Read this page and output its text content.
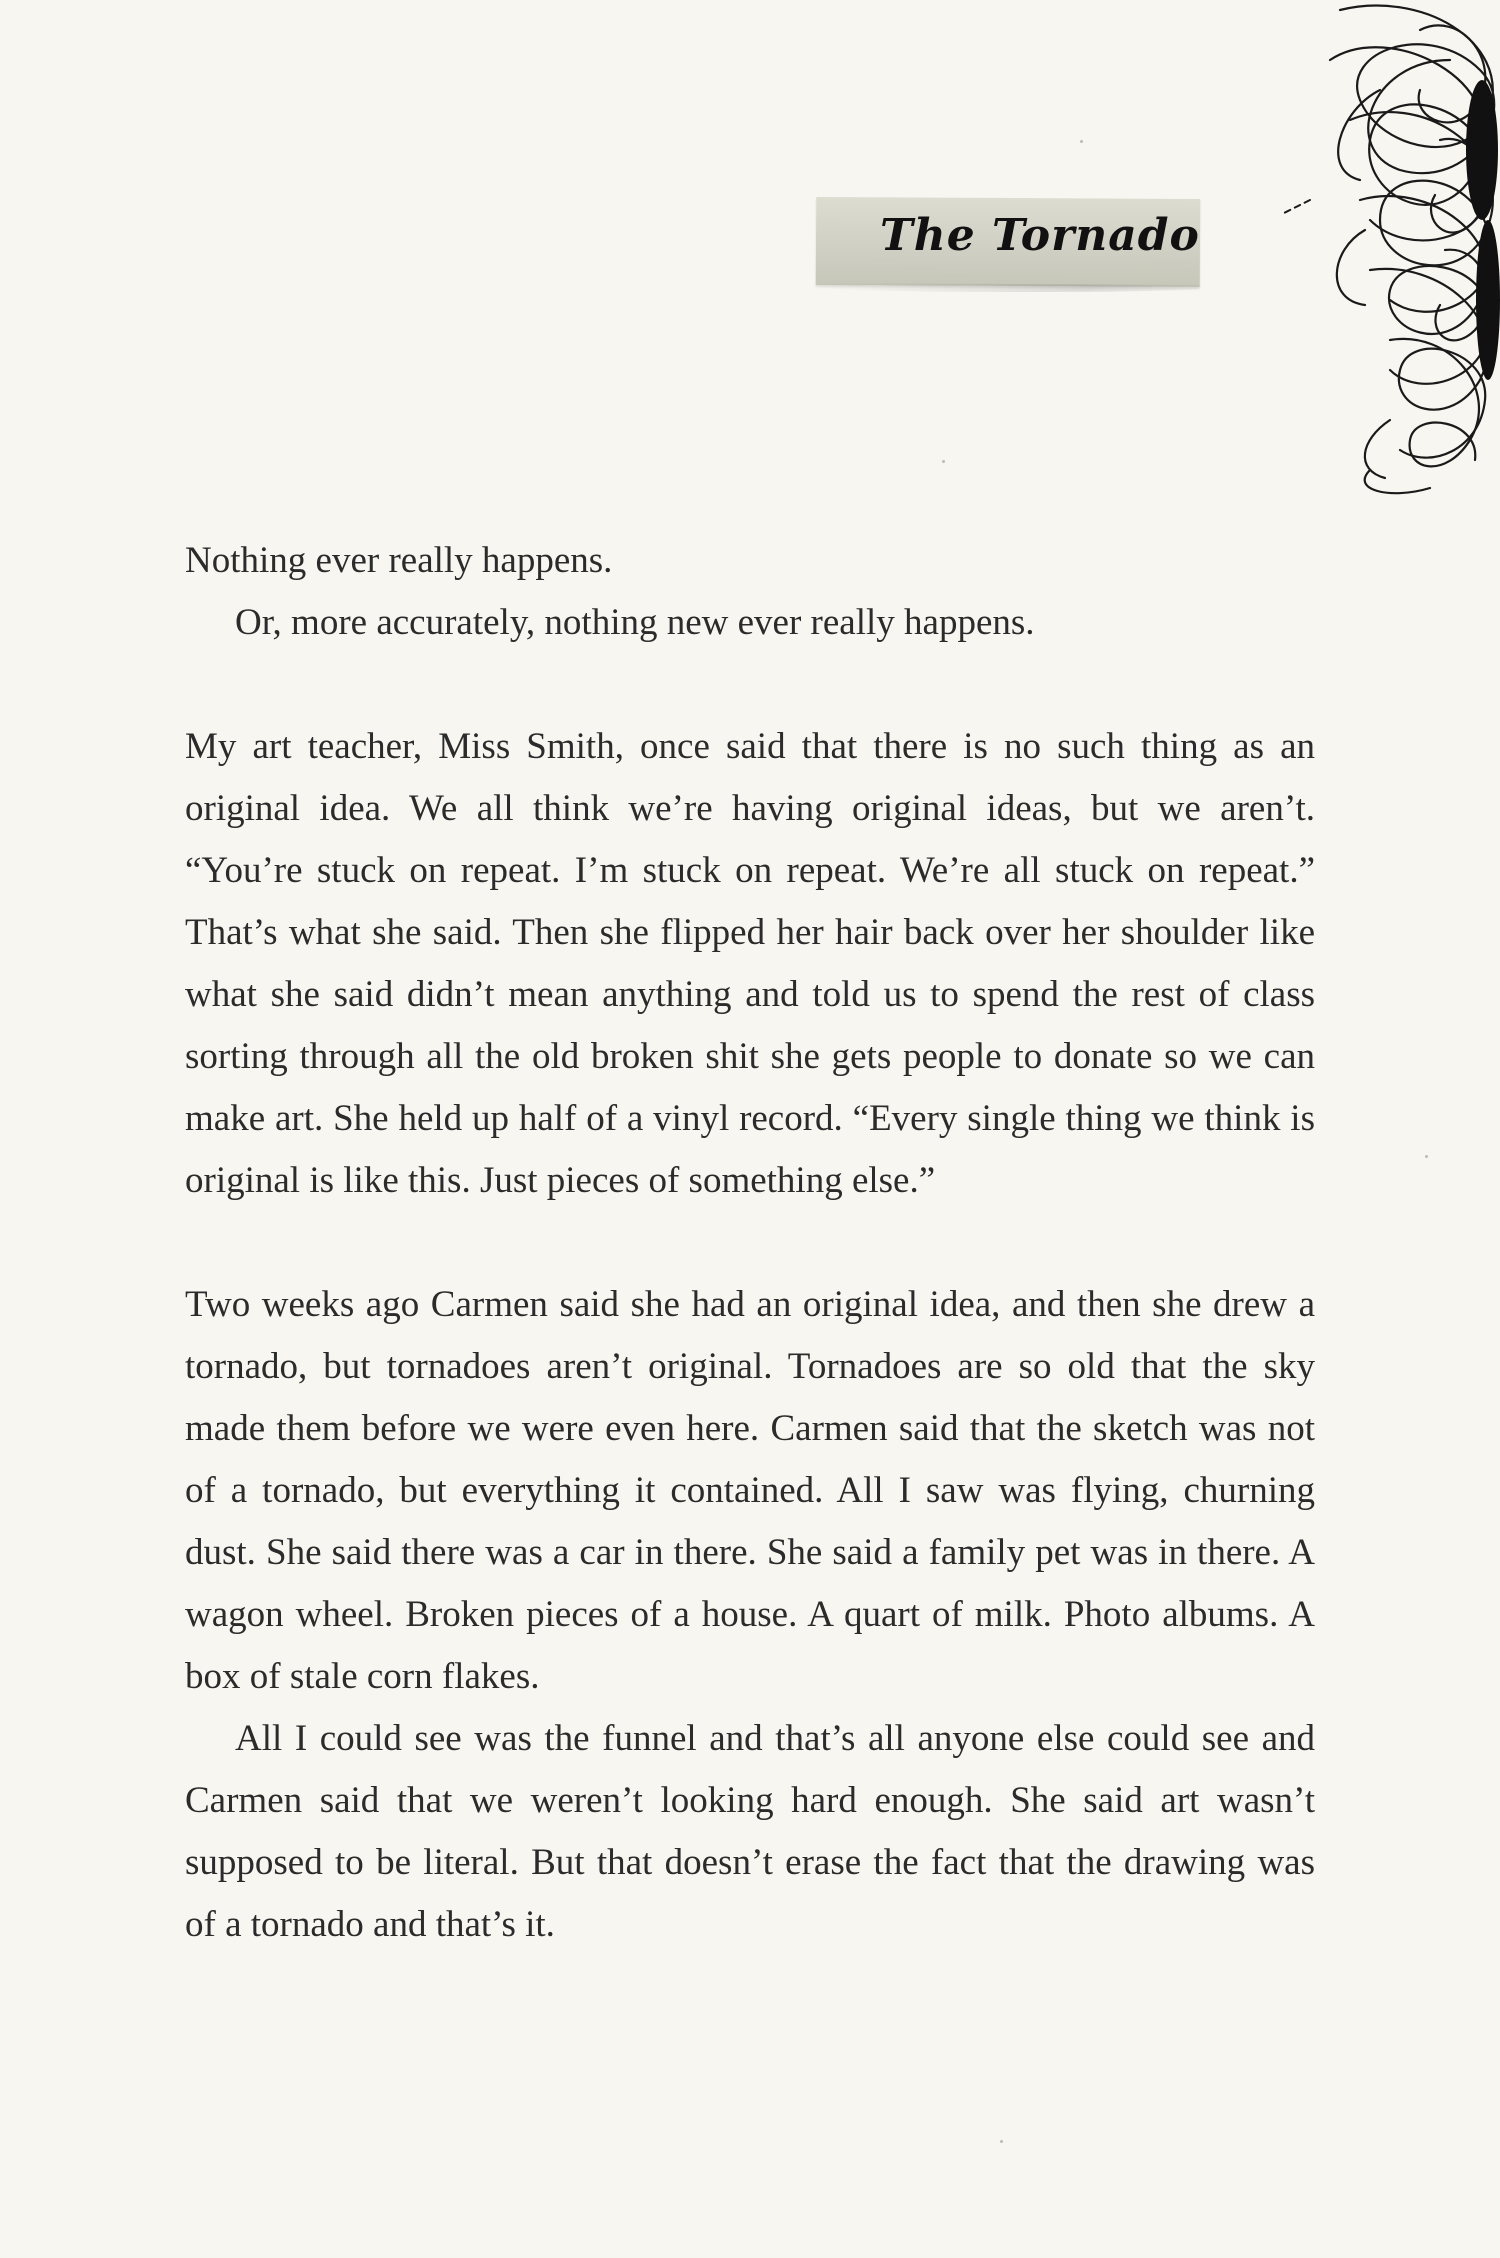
The Tornado

Nothing ever really happens.

Or, more accurately, nothing new ever really happens.

My art teacher, Miss Smith, once said that there is no such thing as an original idea. We all think we’re having original ideas, but we aren’t. “You’re stuck on repeat. I’m stuck on repeat. We’re all stuck on repeat.” That’s what she said. Then she flipped her hair back over her shoulder like what she said didn’t mean anything and told us to spend the rest of class sorting through all the old broken shit she gets people to donate so we can make art. She held up half of a vinyl record. “Every single thing we think is original is like this. Just pieces of something else.”

Two weeks ago Carmen said she had an original idea, and then she drew a tornado, but tornadoes aren’t original. Tornadoes are so old that the sky made them before we were even here. Carmen said that the sketch was not of a tornado, but everything it contained. All I saw was flying, churning dust. She said there was a car in there. She said a family pet was in there. A wagon wheel. Broken pieces of a house. A quart of milk. Photo albums. A box of stale corn flakes.

All I could see was the funnel and that’s all anyone else could see and Carmen said that we weren’t looking hard enough. She said art wasn’t supposed to be literal. But that doesn’t erase the fact that the drawing was of a tornado and that’s it.
